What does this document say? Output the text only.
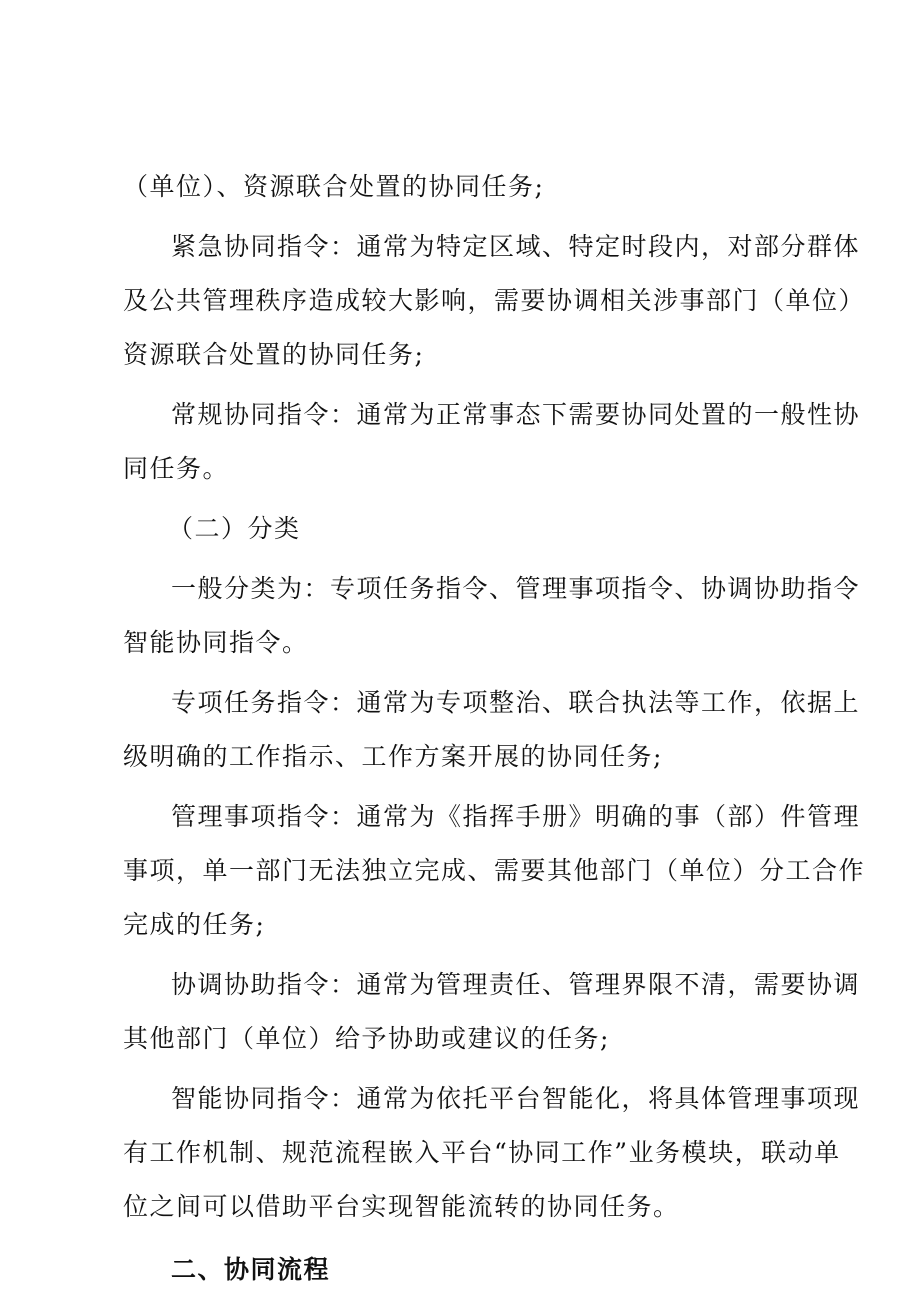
（单位）、资源联合处置的协同任务;
紧急协同指令：通常为特定区域、特定时段内，对部分群体
及公共管理秩序造成较大影响，需要协调相关涉事部门（单位）
资源联合处置的协同任务;
常规协同指令：通常为正常事态下需要协同处置的一般性协
同任务。
（二）分类
一般分类为：专项任务指令、管理事项指令、协调协助指令
智能协同指令。
专项任务指令：通常为专项整治、联合执法等工作，依据上
级明确的工作指示、工作方案开展的协同任务;
管理事项指令：通常为《指挥手册》明确的事（部）件管理
事项，单一部门无法独立完成、需要其他部门（单位）分工合作
完成的任务;
协调协助指令：通常为管理责任、管理界限不清，需要协调
其他部门（单位）给予协助或建议的任务;
智能协同指令：通常为依托平台智能化，将具体管理事项现
有工作机制、规范流程嵌入平台“协同工作”业务模块，联动单
位之间可以借助平台实现智能流转的协同任务。
二、协同流程
